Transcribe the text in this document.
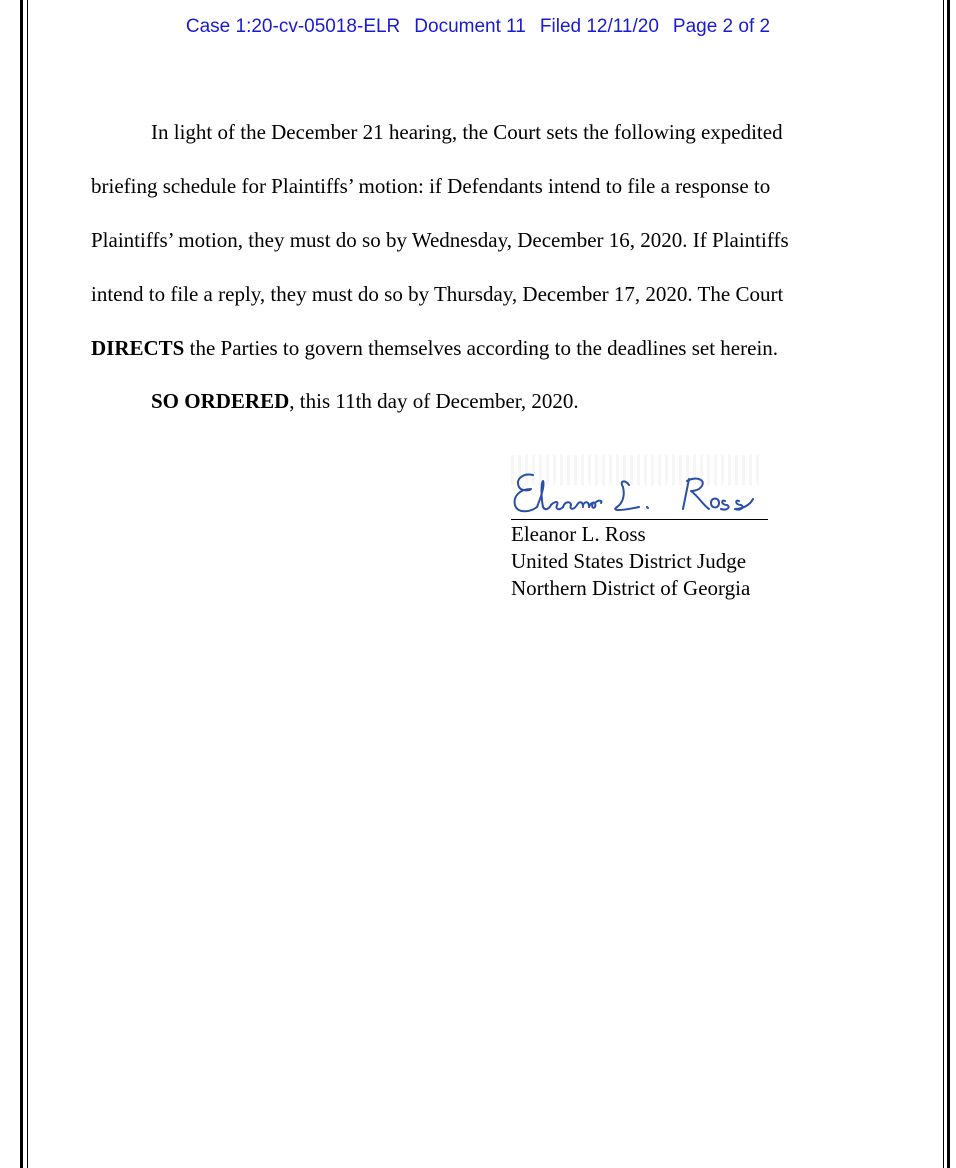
Case 1:20-cv-05018-ELR Document 11 Filed 12/11/20 Page 2 of 2
In light of the December 21 hearing, the Court sets the following expedited
briefing schedule for Plaintiffs’ motion: if Defendants intend to file a response to
Plaintiffs’ motion, they must do so by Wednesday, December 16, 2020. If Plaintiffs
intend to file a reply, they must do so by Thursday, December 17, 2020. The Court
DIRECTS the Parties to govern themselves according to the deadlines set herein.
SO ORDERED, this 11th day of December, 2020.
Eleanor L. Ross
United States District Judge
Northern District of Georgia
